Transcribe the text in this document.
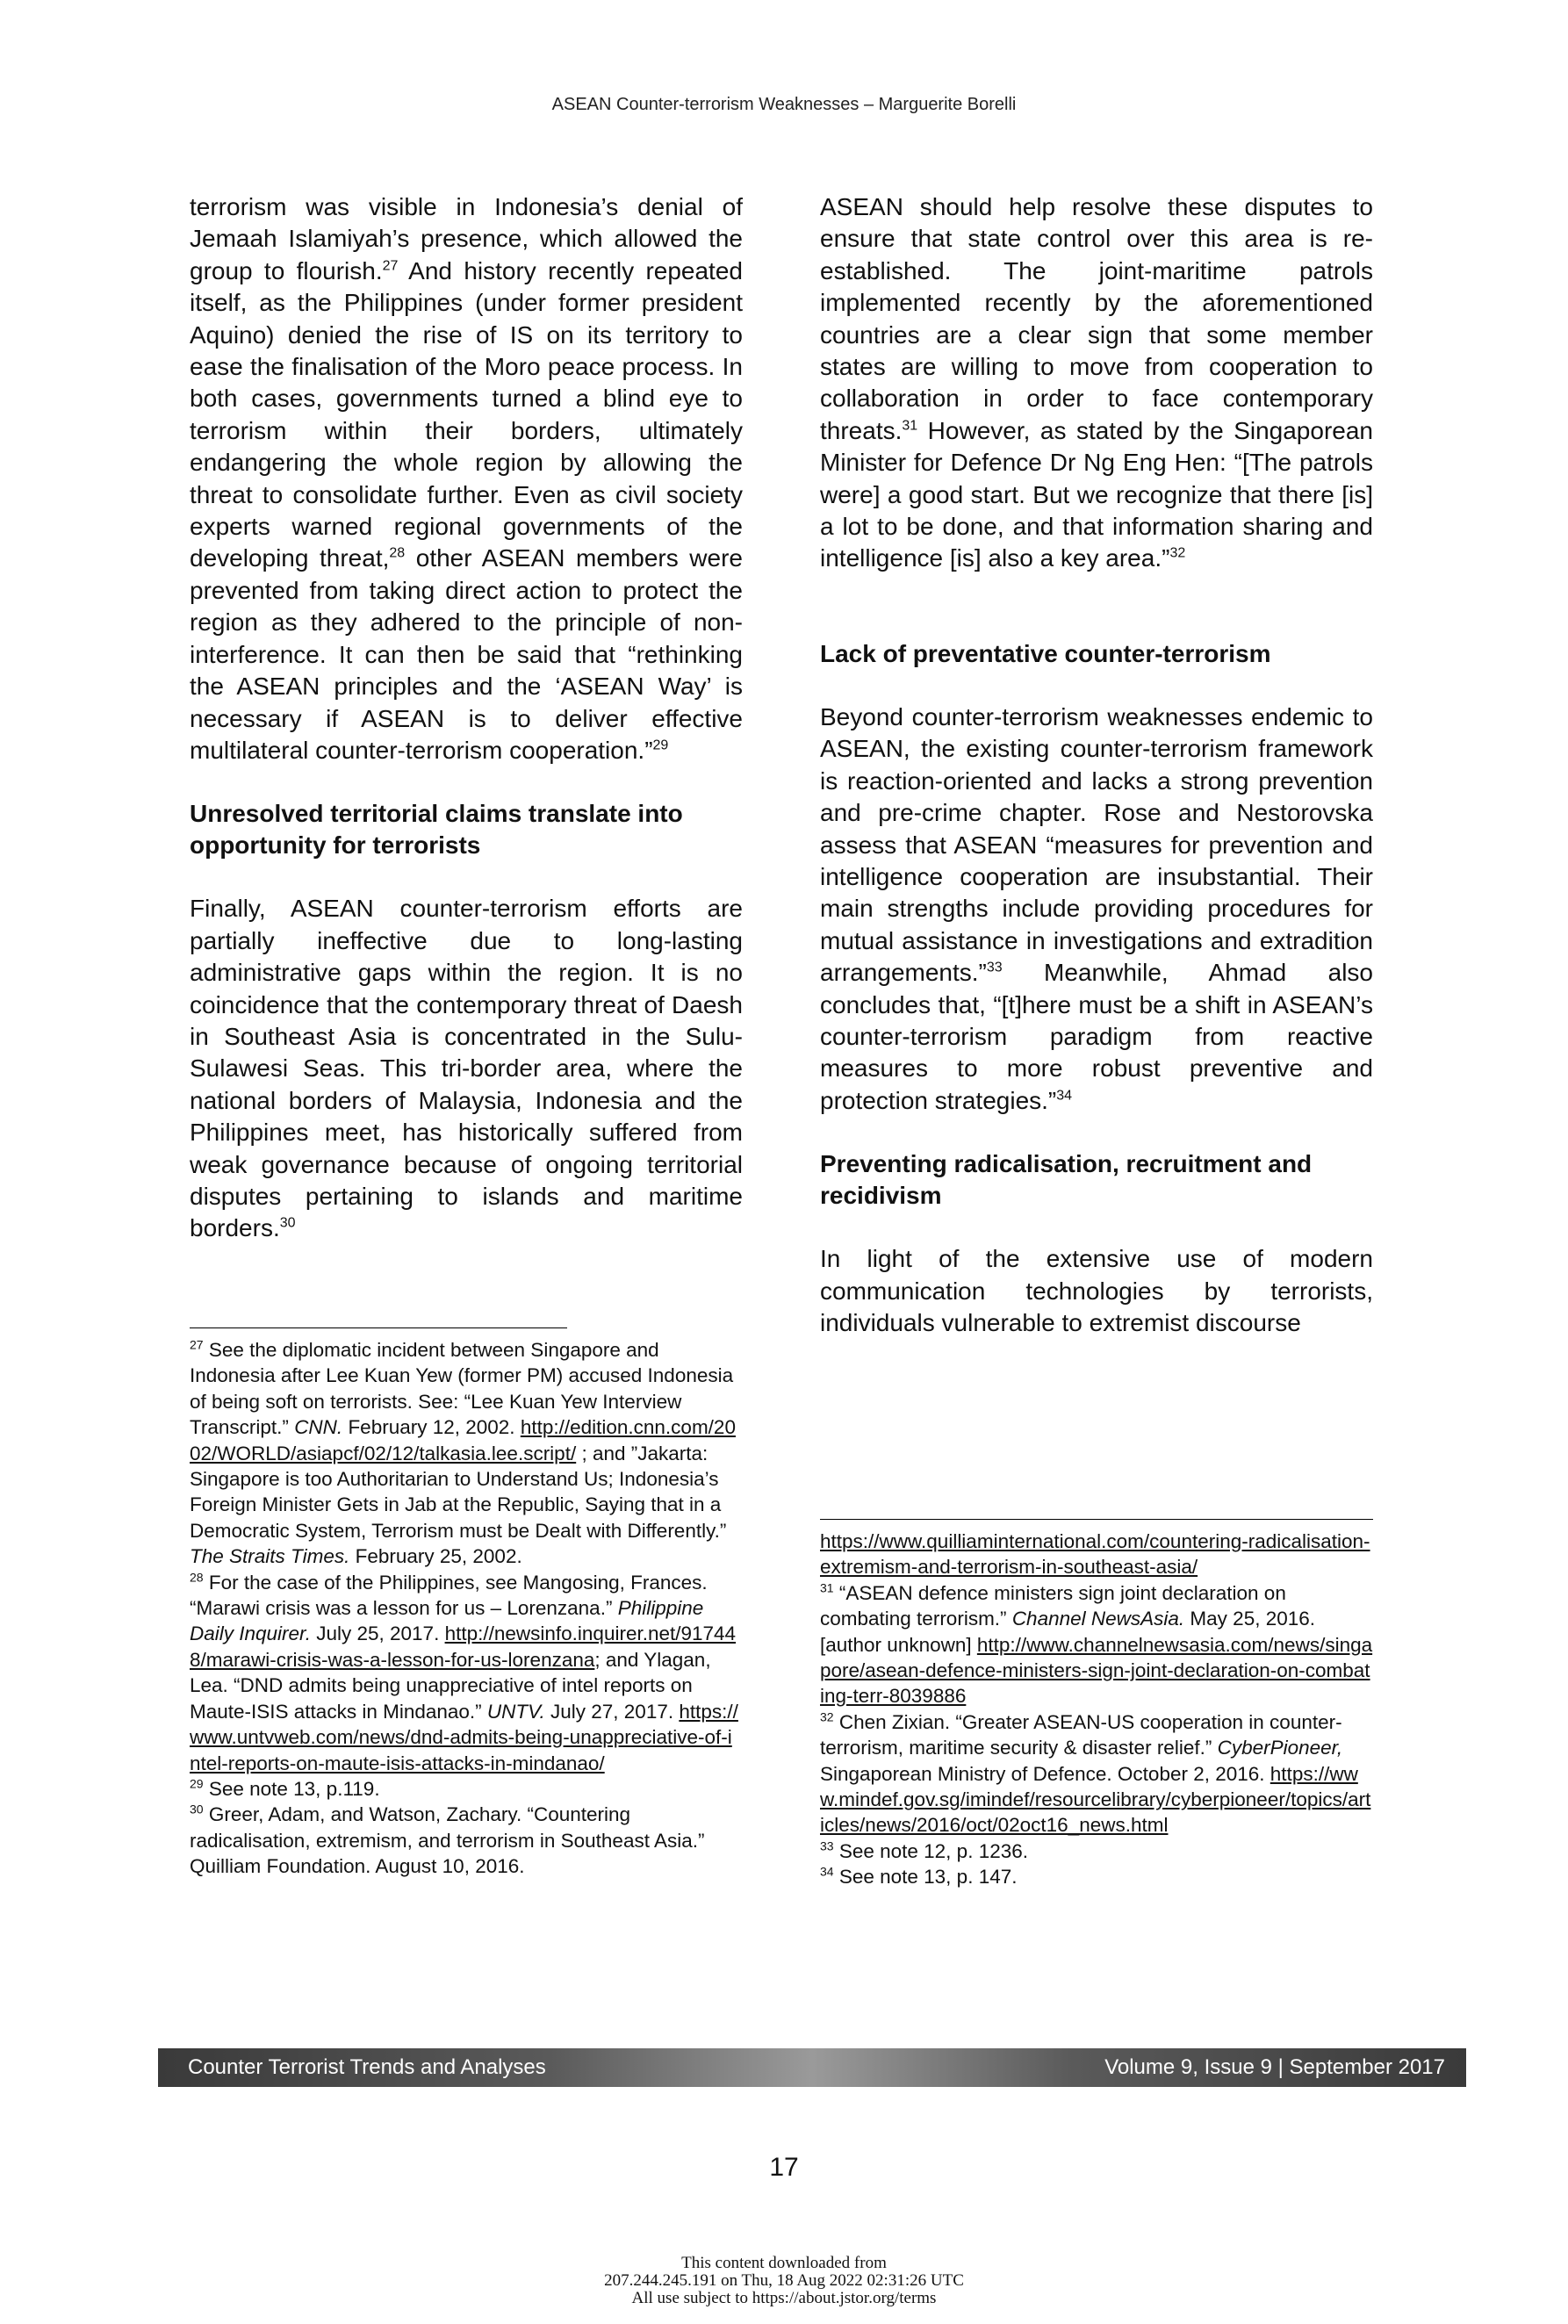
ASEAN Counter-terrorism Weaknesses – Marguerite Borelli

terrorism was visible in Indonesia’s denial of Jemaah Islamiyah’s presence, which allowed the group to flourish.$^{27}$ And history recently repeated itself, as the Philippines (under former president Aquino) denied the rise of IS on its territory to ease the finalisation of the Moro peace process. In both cases, governments turned a blind eye to terrorism within their borders, ultimately endangering the whole region by allowing the threat to consolidate further. Even as civil society experts warned regional governments of the developing threat,$^{28}$ other ASEAN members were prevented from taking direct action to protect the region as they adhered to the principle of non-interference. It can then be said that “rethinking the ASEAN principles and the ‘ASEAN Way’ is necessary if ASEAN is to deliver effective multilateral counter-terrorism cooperation.”$^{29}$

Unresolved territorial claims translate into opportunity for terrorists

Finally, ASEAN counter-terrorism efforts are partially ineffective due to long-lasting administrative gaps within the region. It is no coincidence that the contemporary threat of Daesh in Southeast Asia is concentrated in the Sulu-Sulawesi Seas. This tri-border area, where the national borders of Malaysia, Indonesia and the Philippines meet, has historically suffered from weak governance because of ongoing territorial disputes pertaining to islands and maritime borders.$^{30}$

ASEAN should help resolve these disputes to ensure that state control over this area is re-established. The joint-maritime patrols implemented recently by the aforementioned countries are a clear sign that some member states are willing to move from cooperation to collaboration in order to face contemporary threats.$^{31}$ However, as stated by the Singaporean Minister for Defence Dr Ng Eng Hen: “[The patrols were] a good start. But we recognize that there [is] a lot to be done, and that information sharing and intelligence [is] also a key area.”$^{32}$

Lack of preventative counter-terrorism

Beyond counter-terrorism weaknesses endemic to ASEAN, the existing counter-terrorism framework is reaction-oriented and lacks a strong prevention and pre-crime chapter. Rose and Nestorovska assess that ASEAN “measures for prevention and intelligence cooperation are insubstantial. Their main strengths include providing procedures for mutual assistance in investigations and extradition arrangements.”$^{33}$ Meanwhile, Ahmad also concludes that, “[t]here must be a shift in ASEAN’s counter-terrorism paradigm from reactive measures to more robust preventive and protection strategies.”$^{34}$

Preventing radicalisation, recruitment and recidivism

In light of the extensive use of modern communication technologies by terrorists, individuals vulnerable to extremist discourse

$^{27}$ See the diplomatic incident between Singapore and Indonesia after Lee Kuan Yew (former PM) accused Indonesia of being soft on terrorists. See: “Lee Kuan Yew Interview Transcript.” CNN. February 12, 2002. http://edition.cnn.com/2002/WORLD/asiapcf/02/12/talkasia.lee.script/ ; and ”Jakarta: Singapore is too Authoritarian to Understand Us; Indonesia’s Foreign Minister Gets in Jab at the Republic, Saying that in a Democratic System, Terrorism must be Dealt with Differently.” The Straits Times. February 25, 2002.

$^{28}$ For the case of the Philippines, see Mangosing, Frances. “Marawi crisis was a lesson for us – Lorenzana.” Philippine Daily Inquirer. July 25, 2017. http://newsinfo.inquirer.net/917448/marawi-crisis-was-a-lesson-for-us-lorenzana; and Ylagan, Lea. “DND admits being unappreciative of intel reports on Maute-ISIS attacks in Mindanao.” UNTV. July 27, 2017. https://www.untvweb.com/news/dnd-admits-being-unappreciative-of-intel-reports-on-maute-isis-attacks-in-mindanao/

$^{29}$ See note 13, p.119.

$^{30}$ Greer, Adam, and Watson, Zachary. “Countering radicalisation, extremism, and terrorism in Southeast Asia.” Quilliam Foundation. August 10, 2016.

https://www.quilliaminternational.com/countering-radicalisation-extremism-and-terrorism-in-southeast-asia/

$^{31}$ “ASEAN defence ministers sign joint declaration on combating terrorism.” Channel NewsAsia. May 25, 2016. [author unknown] http://www.channelnewsasia.com/news/singapore/asean-defence-ministers-sign-joint-declaration-on-combating-terr-8039886

$^{32}$ Chen Zixian. “Greater ASEAN-US cooperation in counter-terrorism, maritime security & disaster relief.” CyberPioneer, Singaporean Ministry of Defence. October 2, 2016. https://www.mindef.gov.sg/imindef/resourcelibrary/cyberpioneer/topics/articles/news/2016/oct/02oct16_news.html

$^{33}$ See note 12, p. 1236.

$^{34}$ See note 13, p. 147.

Counter Terrorist Trends and Analyses	Volume 9, Issue 9 | September 2017
17
This content downloaded from
207.244.245.191 on Thu, 18 Aug 2022 02:31:26 UTC
All use subject to https://about.jstor.org/terms
